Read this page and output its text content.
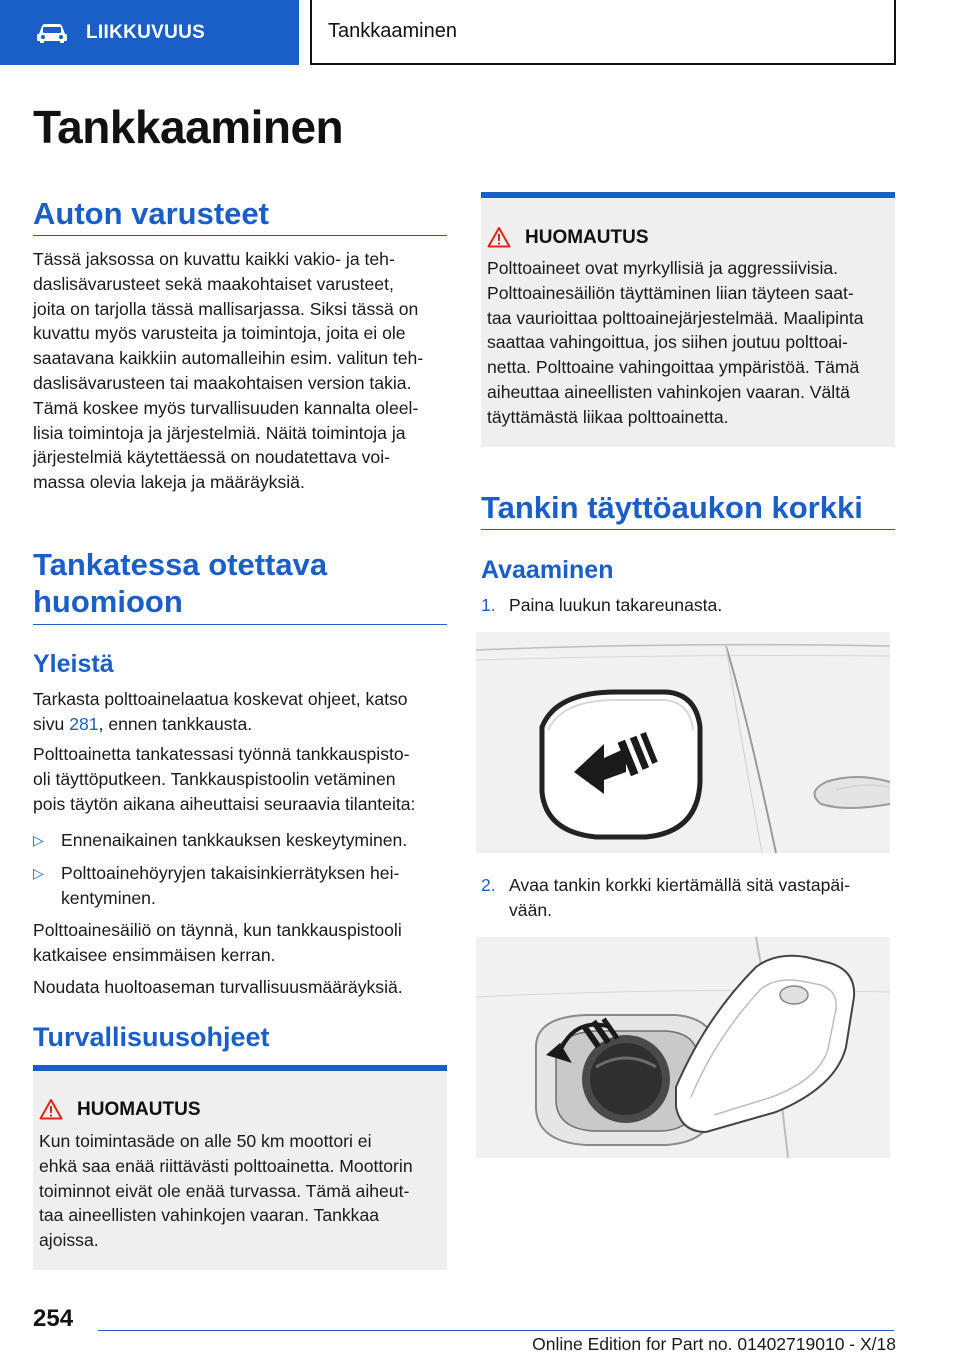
LIIKKUVUUS	Tankkaaminen
Tankkaaminen
Auton varusteet
Tässä jaksossa on kuvattu kaikki vakio- ja teh-
daslisävarusteet sekä maakohtaiset varusteet,
joita on tarjolla tässä mallisarjassa. Siksi tässä on
kuvattu myös varusteita ja toimintoja, joita ei ole
saatavana kaikkiin automalleihin esim. valitun teh-
daslisävarusteen tai maakohtaisen version takia.
Tämä koskee myös turvallisuuden kannalta oleel-
lisia toimintoja ja järjestelmiä. Näitä toimintoja ja
järjestelmiä käytettäessä on noudatettava voi-
massa olevia lakeja ja määräyksiä.
Tankatessa otettava
huomioon
Yleistä
Tarkasta polttoainelaatua koskevat ohjeet, katso
sivu 281, ennen tankkausta.
Polttoainetta tankatessasi työnnä tankkauspisto-
oli täyttöputkeen. Tankkauspistoolin vetäminen
pois täytön aikana aiheuttaisi seuraavia tilanteita:
▷ Ennenaikainen tankkauksen keskeytyminen.
▷ Polttoainehöyryjen takaisinkierrätyksen hei-
kentyminen.
Polttoainesäiliö on täynnä, kun tankkauspistooli
katkaisee ensimmäisen kerran.
Noudata huoltoaseman turvallisuusmääräyksiä.
Turvallisuusohjeet
HUOMAUTUS
Kun toimintasäde on alle 50 km moottori ei
ehkä saa enää riittävästi polttoainetta. Moottorin
toiminnot eivät ole enää turvassa. Tämä aiheut-
taa aineellisten vahinkojen vaaran. Tankkaa
ajoissa.
HUOMAUTUS
Polttoaineet ovat myrkyllisiä ja aggressiivisia.
Polttoainesäiliön täyttäminen liian täyteen saat-
taa vaurioittaa polttoainejärjestelmää. Maalipinta
saattaa vahingoittua, jos siihen joutuu polttoai-
netta. Polttoaine vahingoittaa ympäristöä. Tämä
aiheuttaa aineellisten vahinkojen vaaran. Vältä
täyttämästä liikaa polttoainetta.
Tankin täyttöaukon korkki
Avaaminen
1. Paina luukun takareunasta.
2. Avaa tankin korkki kiertämällä sitä vastapäi-
vään.
254
Online Edition for Part no. 01402719010 - X/18
